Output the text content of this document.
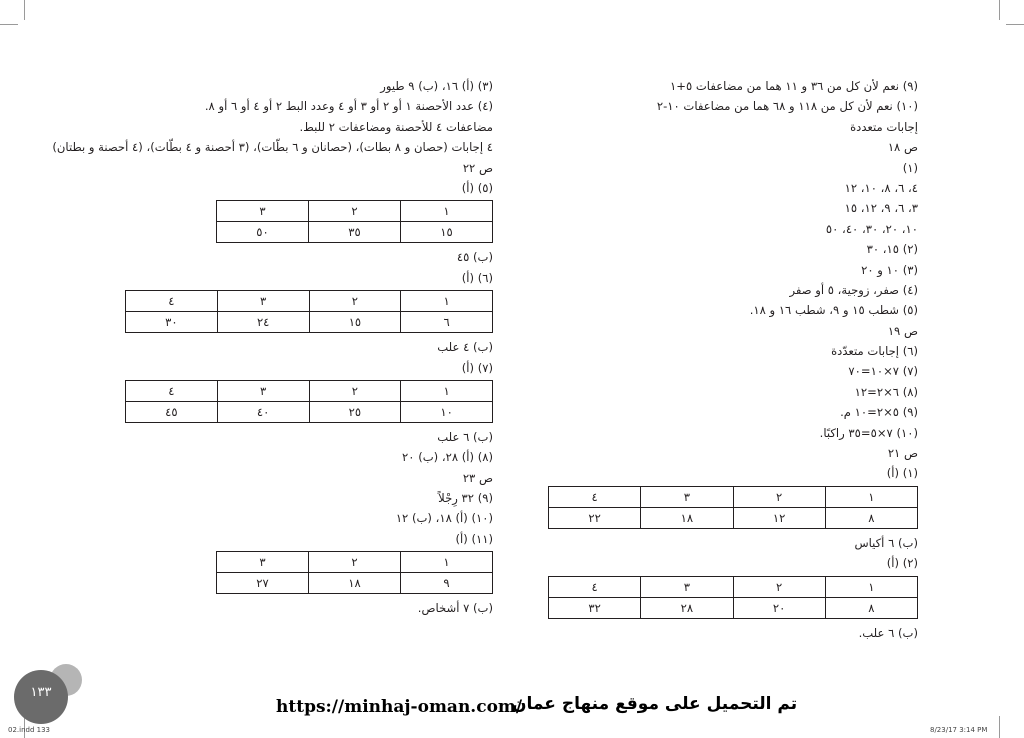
(٩) نعم لأن كل من ٣٦ و ١١ هما من مضاعفات ٥+١
(١٠) نعم لأن كل من ١١٨ و ٦٨ هما من مضاعفات ١٠-٢
إجابات متعددة
ص ١٨
(١)
٤، ٦، ٨، ١٠، ١٢
٣، ٦، ٩، ١٢، ١٥
١٠، ٢٠، ٣٠، ٤٠، ٥٠
(٢) ١٥، ٣٠
(٣) ١٠ و ٢٠
(٤) صفر، زوجية، ٥ أو صفر
(٥) شطب ١٥ و ٩، شطب ١٦ و ١٨.
ص ١٩
(٦) إجابات متعدّدة
(٧) ٧×١٠=٧٠
(٨) ٦×٢=١٢
(٩) ٥×٢=١٠ م.
(١٠) ٧×٥=٣٥ راكبًا.
ص ٢١
(١) (أ)
١	٢	٣	٤
٨	١٢	١٨	٢٢
(ب) ٦ أكياس
(٢) (أ)
١	٢	٣	٤
٨	٢٠	٢٨	٣٢
(ب) ٦ علب.
(٣) (أ) ١٦، (ب) ٩ طيور
(٤) عدد الأحصنة ١ أو ٢ أو ٣ أو ٤ وعدد البط ٢ أو ٤ أو ٦ أو ٨.
مضاعفات ٤ للأحصنة ومضاعفات ٢ للبط.
٤ إجابات (حصان و ٨ بطات)، (حصانان و ٦ بطّات)، (٣ أحصنة و ٤ بطّات)، (٤ أحصنة و بطتان)
ص ٢٢
(٥) (أ)
١	٢	٣
١٥	٣٥	٥٠
(ب) ٤٥
(٦) (أ)
١	٢	٣	٤
٦	١٥	٢٤	٣٠
(ب) ٤ علب
(٧) (أ)
١	٢	٣	٤
١٠	٢٥	٤٠	٤٥
(ب) ٦ علب
(٨) (أ) ٢٨، (ب) ٢٠
ص ٢٣
(٩) ٣٢ رِجْلاً
(١٠) (أ) ١٨، (ب) ١٢
(١١) (أ)
١	٢	٣
٩	١٨	٢٧
(ب) ٧ أشخاص.
١٣٣
https://minhaj-oman.com/
تم التحميل على موقع منهاج عمان
02.indd 133	8/23/17 3:14 PM
